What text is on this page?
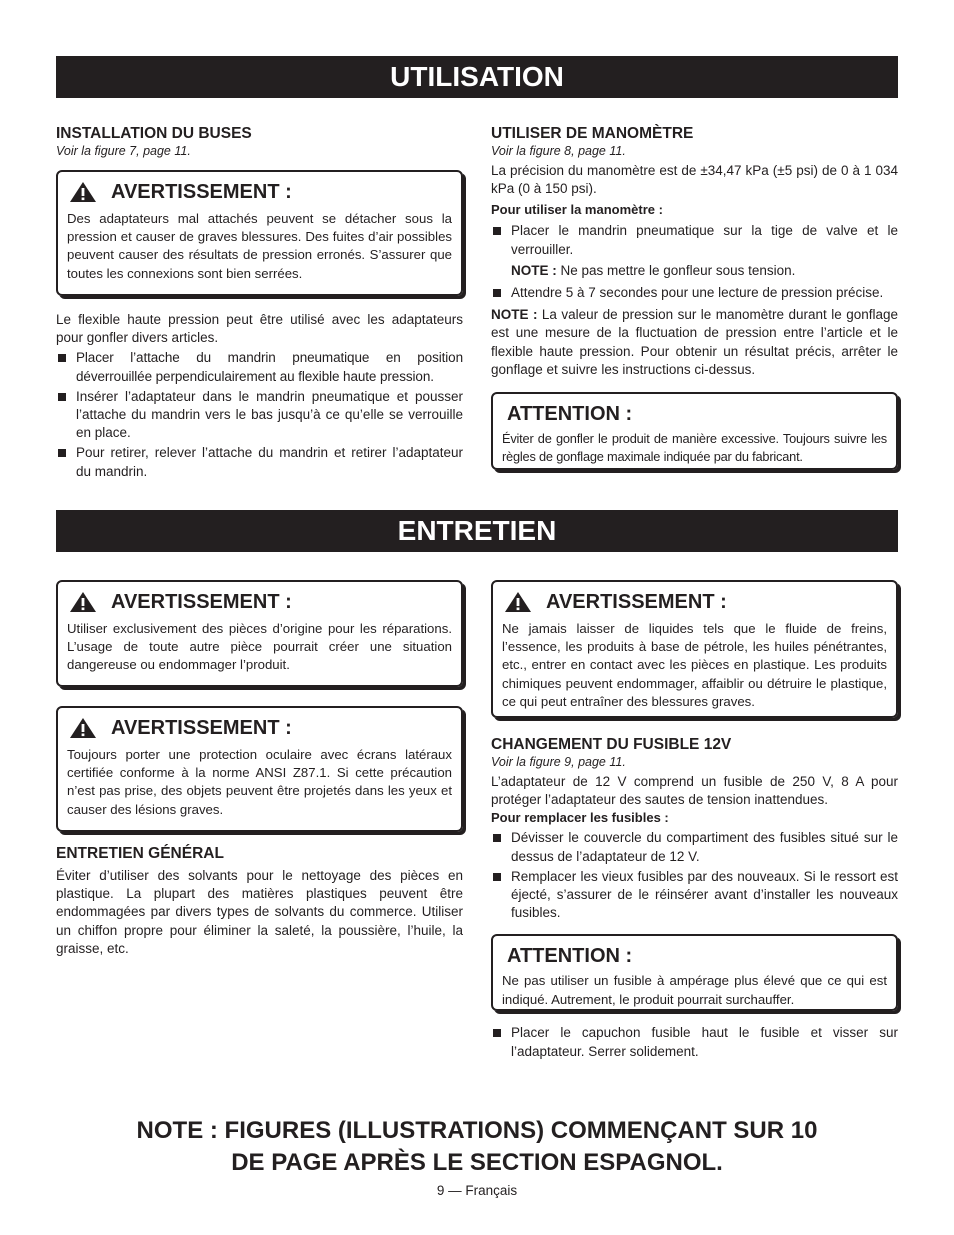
UTILISATION
INSTALLATION DU BUSES
Voir la figure 7, page 11.
AVERTISSEMENT :

Des adaptateurs mal attachés peuvent se détacher sous la pression et causer de graves blessures. Des fuites d’air possibles peuvent causer des résultats de pression erronés. S’assurer que toutes les connexions sont bien serrées.

Le flexible haute pression peut être utilisé avec les adaptateurs pour gonfler divers articles.

Placer l’attache du mandrin pneumatique en position déverrouillée perpendiculairement au flexible haute pression.
Insérer l’adaptateur dans le mandrin pneumatique et pousser l’attache du mandrin vers le bas jusqu’à ce qu’elle se verrouille en place.
Pour retirer, relever l’attache du mandrin et retirer l’adaptateur du mandrin.
UTILISER DE MANOMÈTRE
Voir la figure 8, page 11.

La précision du manomètre est de ±34,47 kPa (±5 psi) de 0 à 1 034 kPa (0 à 150 psi).

Pour utiliser la manomètre :
Placer le mandrin pneumatique sur la tige de valve et le verrouiller.
NOTE : Ne pas mettre le gonfleur sous tension.
Attendre 5 à 7 secondes pour une lecture de pression précise.

NOTE : La valeur de pression sur le manomètre durant le gonflage est une mesure de la fluctuation de pression entre l’article et le flexible haute pression. Pour obtenir un résultat précis, arrêter le gonflage et suivre les instructions ci-dessus.

ATTENTION :

Éviter de gonfler le produit de manière excessive. Toujours suivre les règles de gonflage maximale indiquée par du fabricant.

ENTRETIEN
AVERTISSEMENT :

Utiliser exclusivement des pièces d’origine pour les réparations. L’usage de toute autre pièce pourrait créer une situation dangereuse ou endommager l’produit.

AVERTISSEMENT :

Toujours porter une protection oculaire avec écrans latéraux certifiée conforme à la norme ANSI Z87.1. Si cette précaution n’est pas prise, des objets peuvent être projetés dans les yeux et causer des lésions graves.

ENTRETIEN GÉNÉRAL

Éviter d’utiliser des solvants pour le nettoyage des pièces en plastique. La plupart des matières plastiques peuvent être endommagées par divers types de solvants du commerce. Utiliser un chiffon propre pour éliminer la saleté, la poussière, l’huile, la graisse, etc.

AVERTISSEMENT :

Ne jamais laisser de liquides tels que le fluide de freins, l’essence, les produits à base de pétrole, les huiles pénétrantes, etc., entrer en contact avec les pièces en plastique. Les produits chimiques peuvent endommager, affaiblir ou détruire le plastique, ce qui peut entraîner des blessures graves.

CHANGEMENT DU FUSIBLE 12V
Voir la figure 9, page 11.

L’adaptateur de 12 V comprend un fusible de 250 V, 8 A pour protéger l’adaptateur des sautes de tension inattendues.

Pour remplacer les fusibles :
Dévisser le couvercle du compartiment des fusibles situé sur le dessus de l’adaptateur de 12 V.
Remplacer les vieux fusibles par des nouveaux. Si le ressort est éjecté, s’assurer de le réinsérer avant d’installer les nouveaux fusibles.
ATTENTION :

Ne pas utiliser un fusible à ampérage plus élevé que ce qui est indiqué. Autrement, le produit pourrait surchauffer.

Placer le capuchon fusible haut le fusible et visser sur l’adaptateur. Serrer solidement.
NOTE : FIGURES (ILLUSTRATIONS) COMMENÇANT SUR 10
DE PAGE APRÈS LE SECTION ESPAGNOL.
9 — Français
